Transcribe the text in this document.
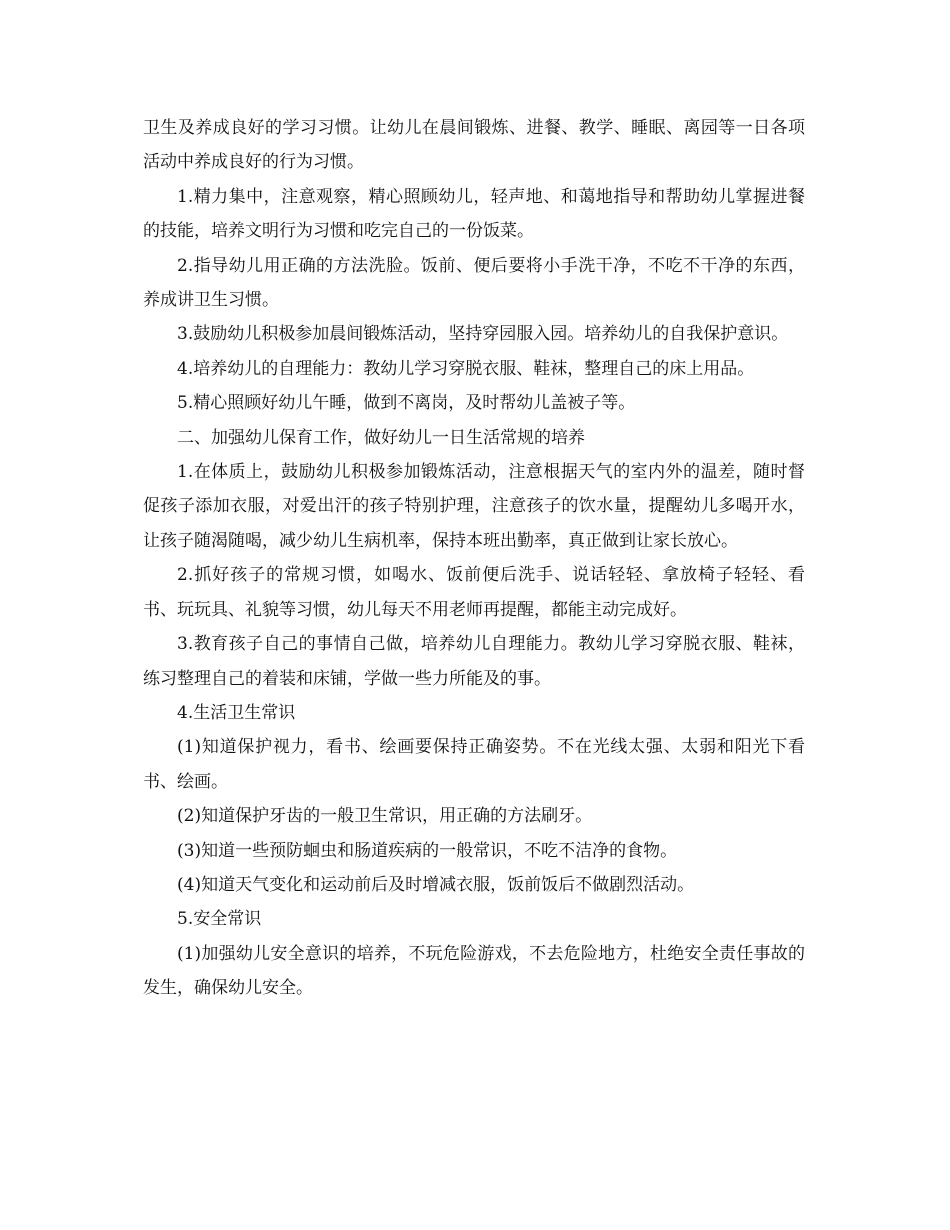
卫生及养成良好的学习习惯。让幼儿在晨间锻炼、进餐、教学、睡眠、离园等一日各项活动中养成良好的行为习惯。

1.精力集中，注意观察，精心照顾幼儿，轻声地、和蔼地指导和帮助幼儿掌握进餐的技能，培养文明行为习惯和吃完自己的一份饭菜。

2.指导幼儿用正确的方法洗脸。饭前、便后要将小手洗干净，不吃不干净的东西，养成讲卫生习惯。

3.鼓励幼儿积极参加晨间锻炼活动，坚持穿园服入园。培养幼儿的自我保护意识。

4.培养幼儿的自理能力：教幼儿学习穿脱衣服、鞋袜，整理自己的床上用品。

5.精心照顾好幼儿午睡，做到不离岗，及时帮幼儿盖被子等。

二、加强幼儿保育工作，做好幼儿一日生活常规的培养

1.在体质上，鼓励幼儿积极参加锻炼活动，注意根据天气的室内外的温差，随时督促孩子添加衣服，对爱出汗的孩子特别护理，注意孩子的饮水量，提醒幼儿多喝开水，让孩子随渴随喝，减少幼儿生病机率，保持本班出勤率，真正做到让家长放心。

2.抓好孩子的常规习惯，如喝水、饭前便后洗手、说话轻轻、拿放椅子轻轻、看书、玩玩具、礼貌等习惯，幼儿每天不用老师再提醒，都能主动完成好。

3.教育孩子自己的事情自己做，培养幼儿自理能力。教幼儿学习穿脱衣服、鞋袜，练习整理自己的着装和床铺，学做一些力所能及的事。

4.生活卫生常识

(1)知道保护视力，看书、绘画要保持正确姿势。不在光线太强、太弱和阳光下看书、绘画。

(2)知道保护牙齿的一般卫生常识，用正确的方法刷牙。

(3)知道一些预防蛔虫和肠道疾病的一般常识，不吃不洁净的食物。

(4)知道天气变化和运动前后及时增减衣服，饭前饭后不做剧烈活动。

5.安全常识

(1)加强幼儿安全意识的培养，不玩危险游戏，不去危险地方，杜绝安全责任事故的发生，确保幼儿安全。
